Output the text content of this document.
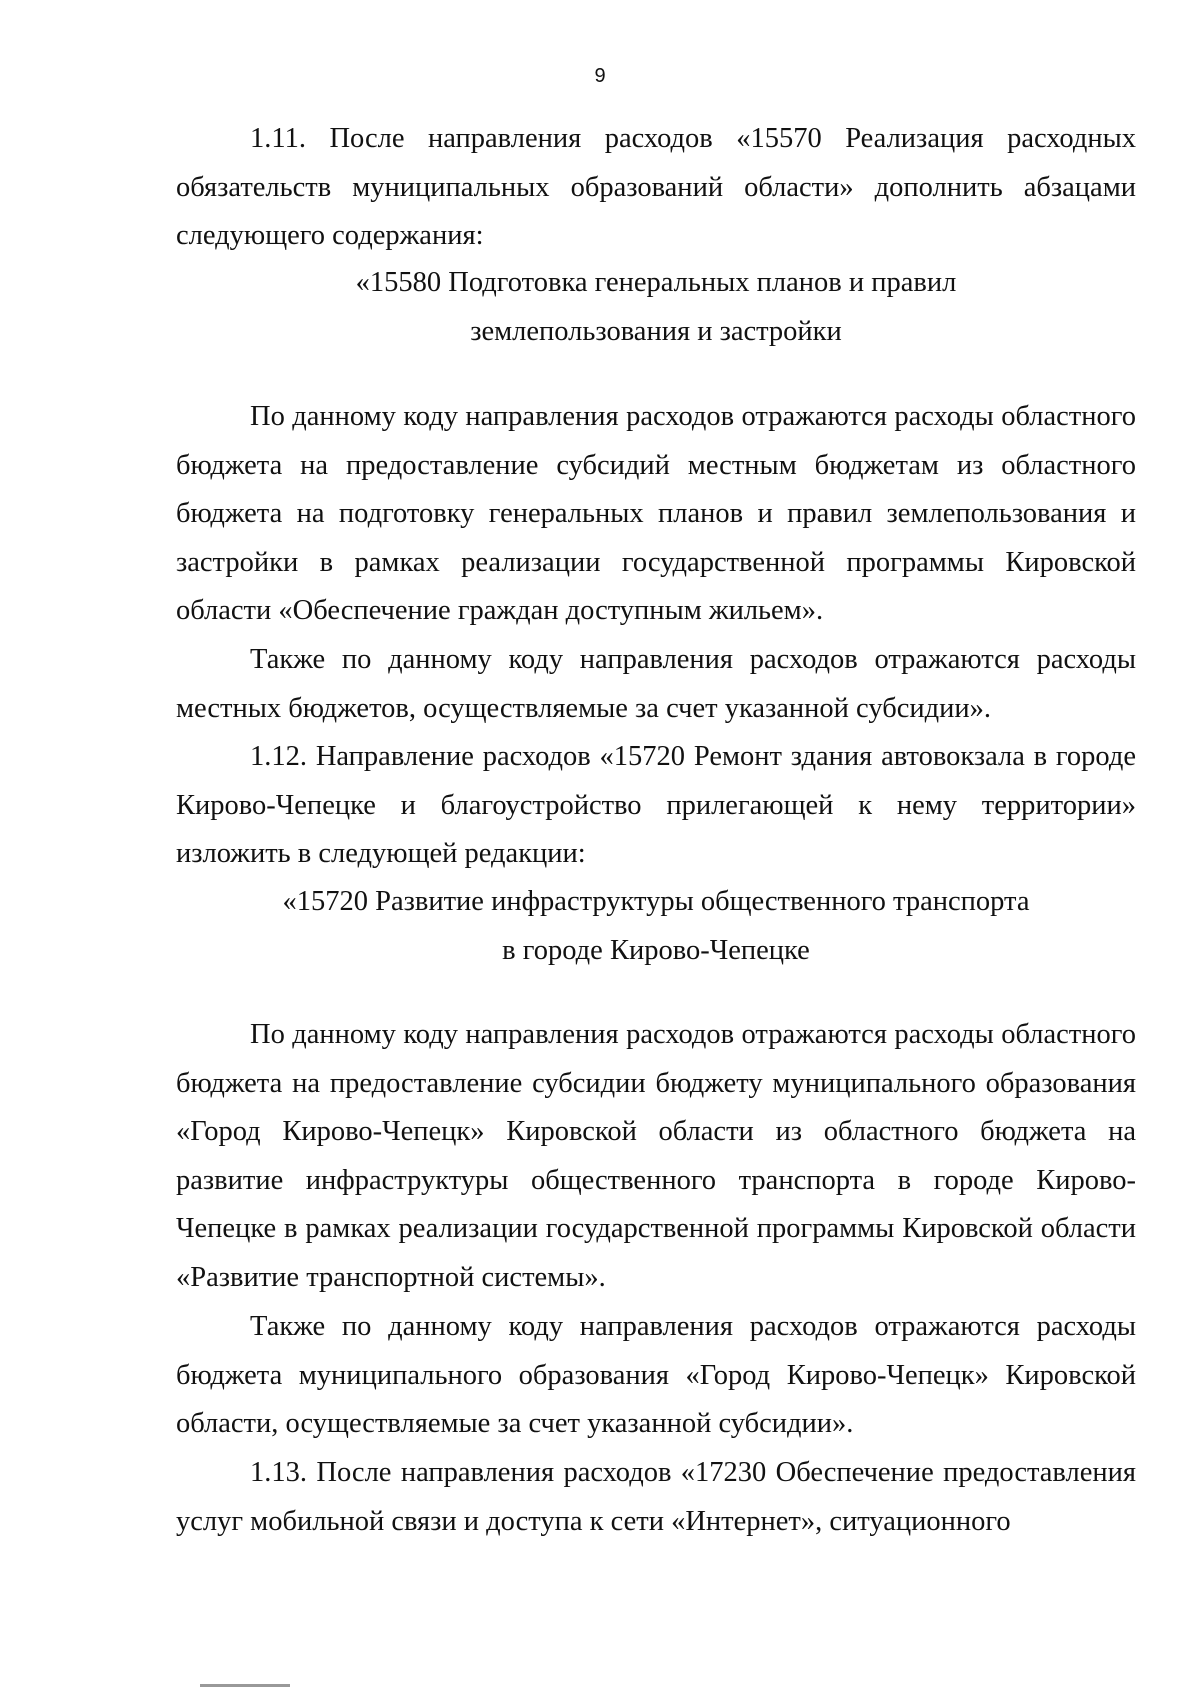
9

1.11. После направления расходов «15570 Реализация расходных обязательств муниципальных образований области» дополнить абзацами следующего содержания:

«15580 Подготовка генеральных планов и правил
землепользования и застройки

По данному коду направления расходов отражаются расходы областного бюджета на предоставление субсидий местным бюджетам из областного бюджета на подготовку генеральных планов и правил землепользования и застройки в рамках реализации государственной программы Кировской области «Обеспечение граждан доступным жильем».

Также по данному коду направления расходов отражаются расходы местных бюджетов, осуществляемые за счет указанной субсидии».

1.12. Направление расходов «15720 Ремонт здания автовокзала в городе Кирово-Чепецке и благоустройство прилегающей к нему территории» изложить в следующей редакции:

«15720 Развитие инфраструктуры общественного транспорта
в городе Кирово-Чепецке

По данному коду направления расходов отражаются расходы областного бюджета на предоставление субсидии бюджету муниципального образования «Город Кирово-Чепецк» Кировской области из областного бюджета на развитие инфраструктуры общественного транспорта в городе Кирово-Чепецке в рамках реализации государственной программы Кировской области «Развитие транспортной системы».

Также по данному коду направления расходов отражаются расходы бюджета муниципального образования «Город Кирово-Чепецк» Кировской области, осуществляемые за счет указанной субсидии».

1.13. После направления расходов «17230 Обеспечение предоставления услуг мобильной связи и доступа к сети «Интернет», ситуационного
